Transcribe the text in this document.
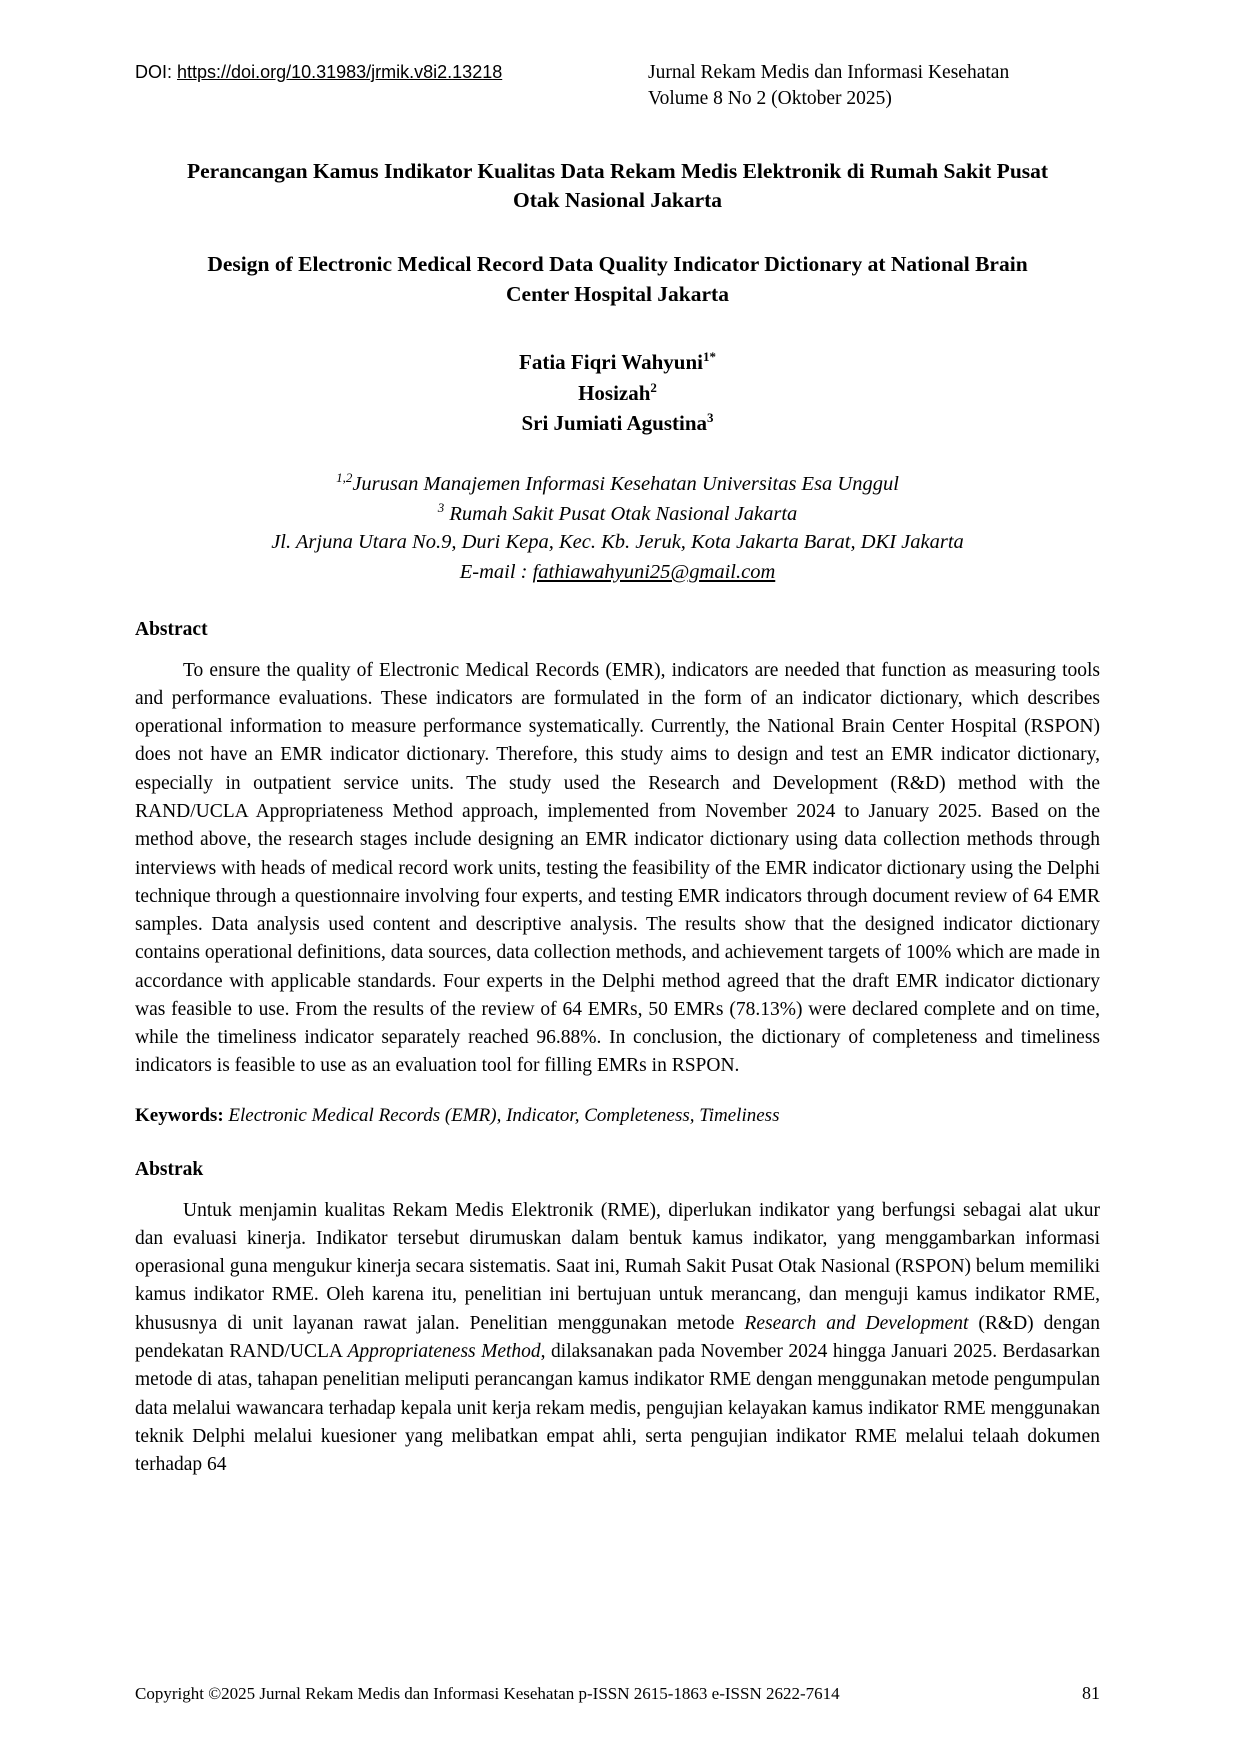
DOI: https://doi.org/10.31983/jrmik.v8i2.13218	Jurnal Rekam Medis dan Informasi Kesehatan
Volume 8 No 2 (Oktober 2025)
Perancangan Kamus Indikator Kualitas Data Rekam Medis Elektronik di Rumah Sakit Pusat Otak Nasional Jakarta
Design of Electronic Medical Record Data Quality Indicator Dictionary at National Brain Center Hospital Jakarta
Fatia Fiqri Wahyuni$^{1*}$
Hosizah$^2$
Sri Jumiati Agustina$^3$
$^{1,2}$Jurusan Manajemen Informasi Kesehatan Universitas Esa Unggul
$^3$ Rumah Sakit Pusat Otak Nasional Jakarta
Jl. Arjuna Utara No.9, Duri Kepa, Kec. Kb. Jeruk, Kota Jakarta Barat, DKI Jakarta
E-mail : fathiawahyuni25@gmail.com
Abstract
To ensure the quality of Electronic Medical Records (EMR), indicators are needed that function as measuring tools and performance evaluations. These indicators are formulated in the form of an indicator dictionary, which describes operational information to measure performance systematically. Currently, the National Brain Center Hospital (RSPON) does not have an EMR indicator dictionary. Therefore, this study aims to design and test an EMR indicator dictionary, especially in outpatient service units. The study used the Research and Development (R&D) method with the RAND/UCLA Appropriateness Method approach, implemented from November 2024 to January 2025. Based on the method above, the research stages include designing an EMR indicator dictionary using data collection methods through interviews with heads of medical record work units, testing the feasibility of the EMR indicator dictionary using the Delphi technique through a questionnaire involving four experts, and testing EMR indicators through document review of 64 EMR samples. Data analysis used content and descriptive analysis. The results show that the designed indicator dictionary contains operational definitions, data sources, data collection methods, and achievement targets of 100% which are made in accordance with applicable standards. Four experts in the Delphi method agreed that the draft EMR indicator dictionary was feasible to use. From the results of the review of 64 EMRs, 50 EMRs (78.13%) were declared complete and on time, while the timeliness indicator separately reached 96.88%. In conclusion, the dictionary of completeness and timeliness indicators is feasible to use as an evaluation tool for filling EMRs in RSPON.
Keywords: Electronic Medical Records (EMR), Indicator, Completeness, Timeliness
Abstrak
Untuk menjamin kualitas Rekam Medis Elektronik (RME), diperlukan indikator yang berfungsi sebagai alat ukur dan evaluasi kinerja. Indikator tersebut dirumuskan dalam bentuk kamus indikator, yang menggambarkan informasi operasional guna mengukur kinerja secara sistematis. Saat ini, Rumah Sakit Pusat Otak Nasional (RSPON) belum memiliki kamus indikator RME. Oleh karena itu, penelitian ini bertujuan untuk merancang, dan menguji kamus indikator RME, khususnya di unit layanan rawat jalan. Penelitian menggunakan metode Research and Development (R&D) dengan pendekatan RAND/UCLA Appropriateness Method, dilaksanakan pada November 2024 hingga Januari 2025. Berdasarkan metode di atas, tahapan penelitian meliputi perancangan kamus indikator RME dengan menggunakan metode pengumpulan data melalui wawancara terhadap kepala unit kerja rekam medis, pengujian kelayakan kamus indikator RME menggunakan teknik Delphi melalui kuesioner yang melibatkan empat ahli, serta pengujian indikator RME melalui telaah dokumen terhadap 64
Copyright ©2025 Jurnal Rekam Medis dan Informasi Kesehatan p-ISSN 2615-1863 e-ISSN 2622-7614	81
